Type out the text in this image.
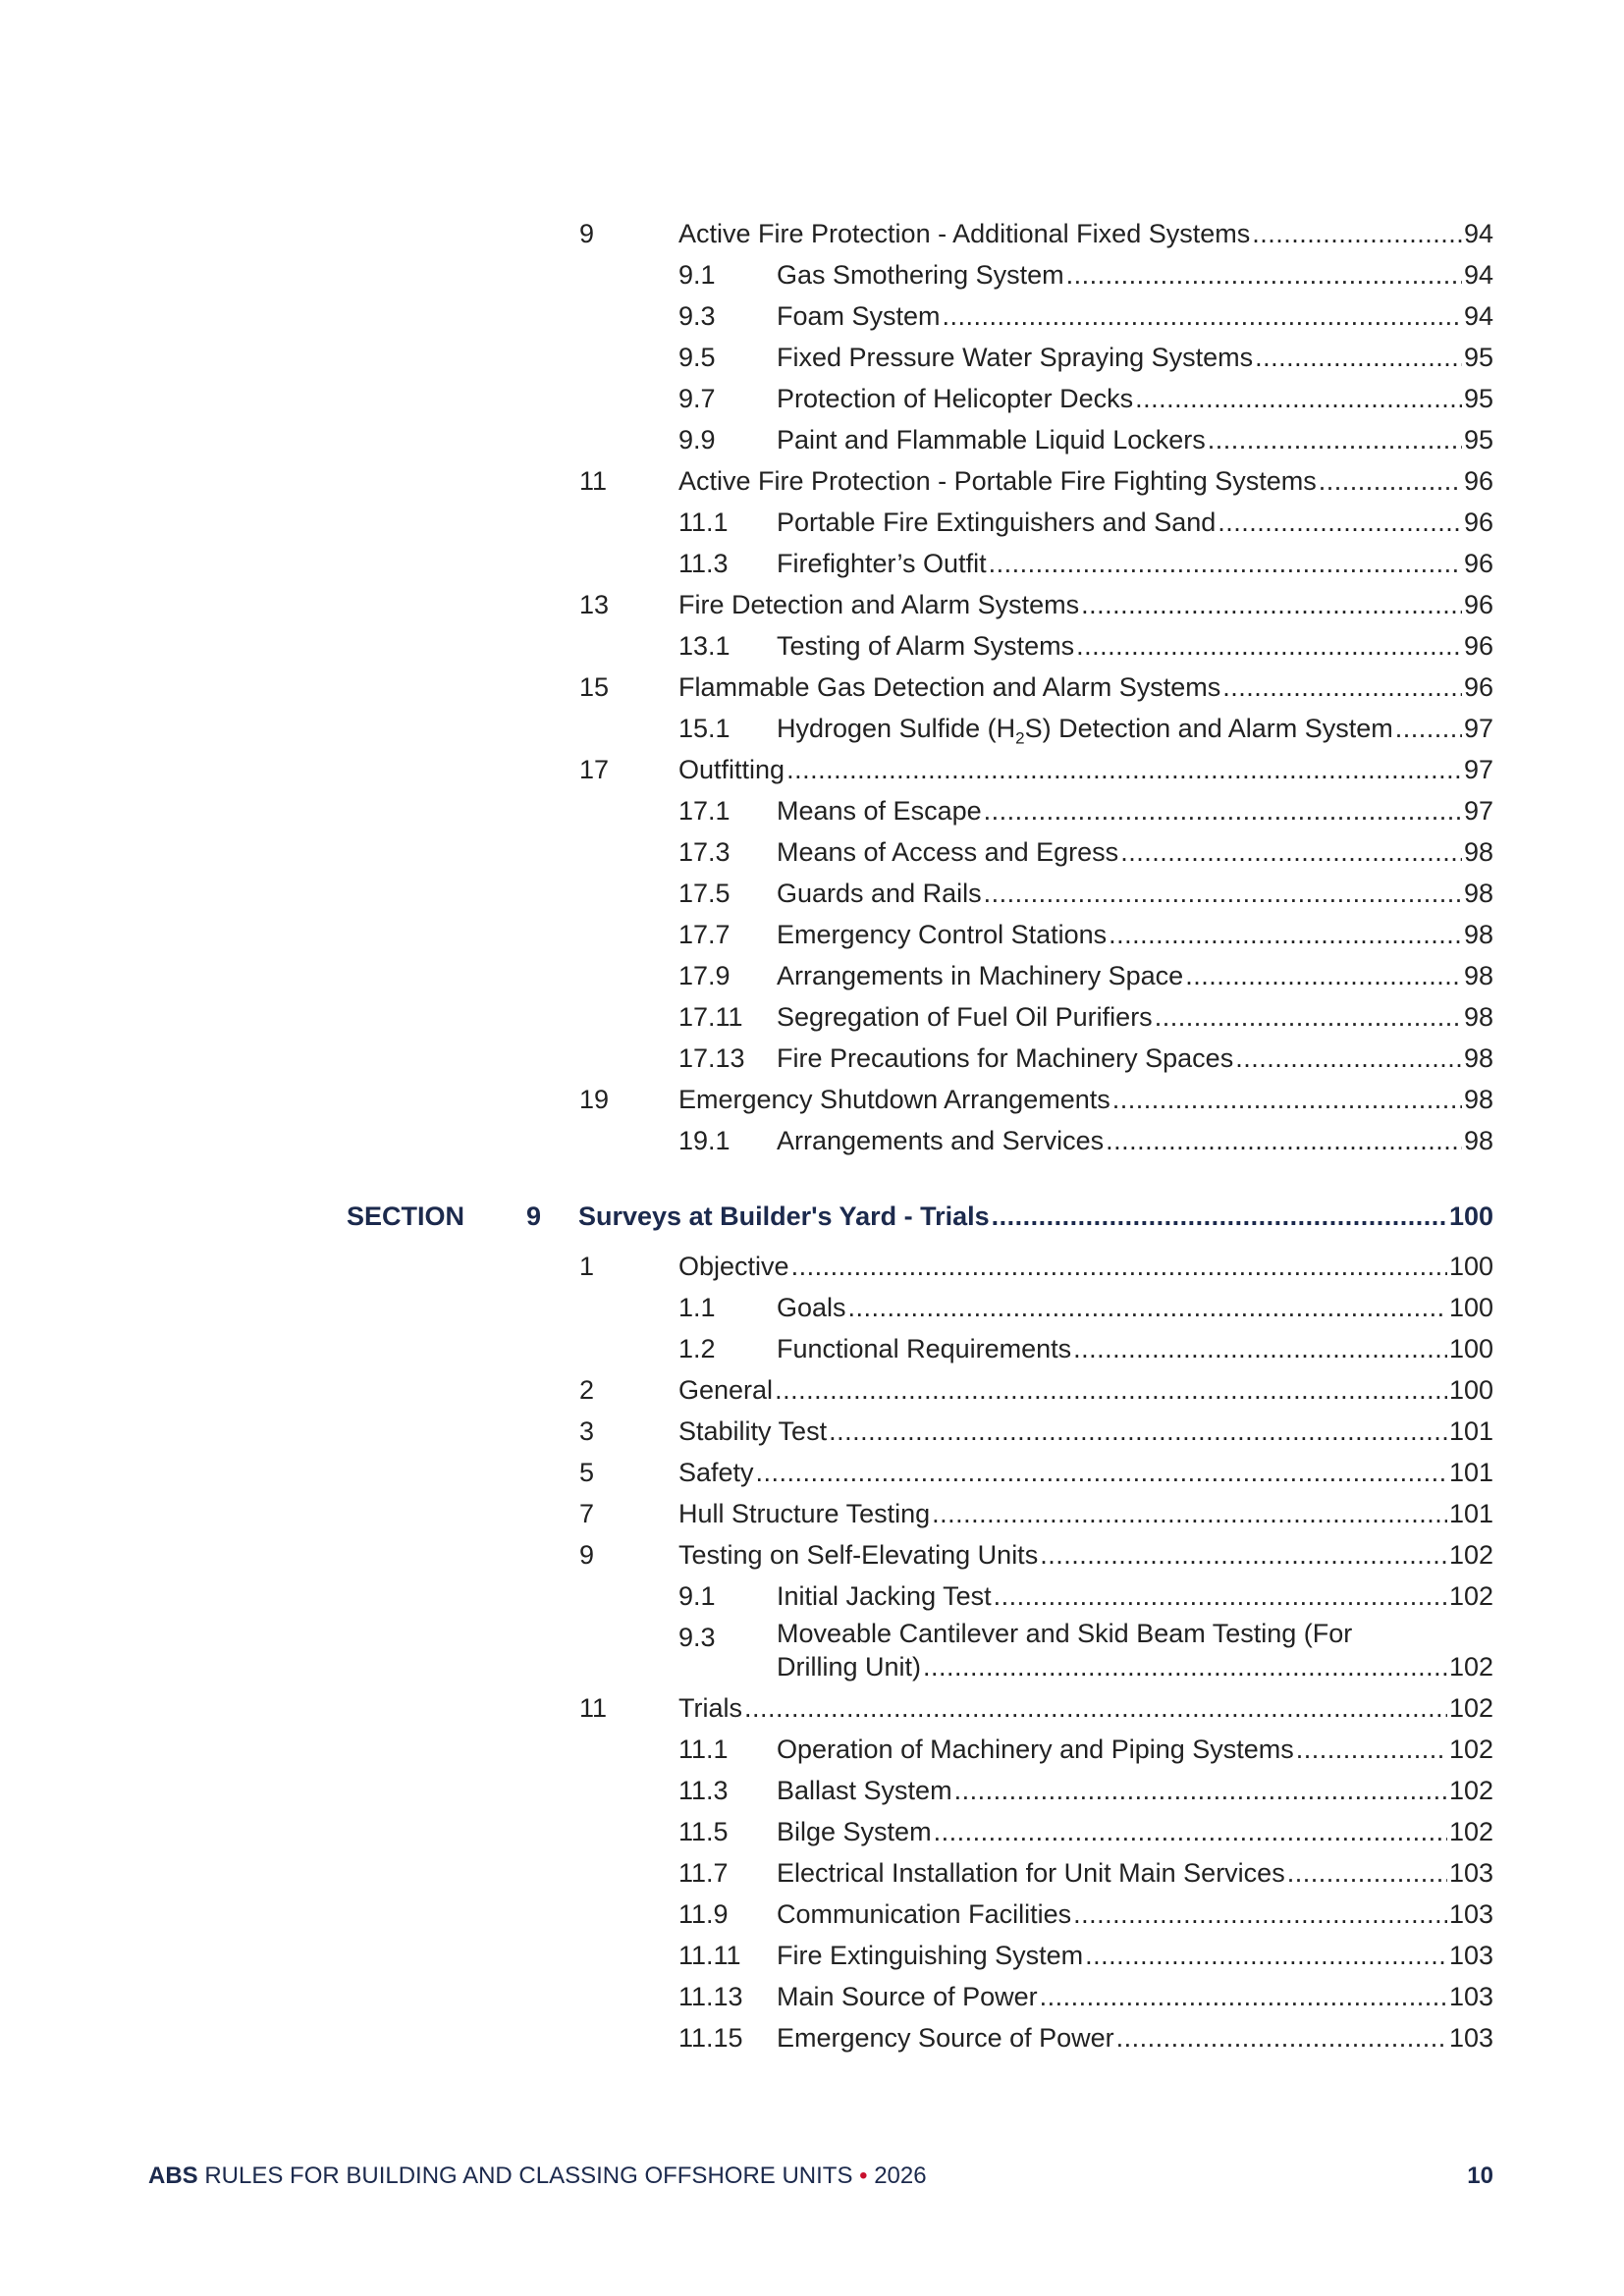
9	Active Fire Protection - Additional Fixed Systems .....	94
9.1 Gas Smothering System .....	94
9.3 Foam System .....	94
9.5 Fixed Pressure Water Spraying Systems .....	95
9.7 Protection of Helicopter Decks .....	95
9.9 Paint and Flammable Liquid Lockers .....	95
11	Active Fire Protection - Portable Fire Fighting Systems .....	96
11.1 Portable Fire Extinguishers and Sand .....	96
11.3 Firefighter’s Outfit .....	96
13	Fire Detection and Alarm Systems .....	96
13.1 Testing of Alarm Systems .....	96
15	Flammable Gas Detection and Alarm Systems .....	96
15.1 Hydrogen Sulfide $(H_2S)$ Detection and Alarm System .....	97
17	Outfitting .....	97
17.1 Means of Escape .....	97
17.3 Means of Access and Egress .....	98
17.5 Guards and Rails .....	98
17.7 Emergency Control Stations .....	98
17.9 Arrangements in Machinery Space .....	98
17.11 Segregation of Fuel Oil Purifiers .....	98
17.13 Fire Precautions for Machinery Spaces .....	98
19	Emergency Shutdown Arrangements .....	98
19.1 Arrangements and Services .....	98
SECTION 9 Surveys at Builder's Yard - Trials .....	100
1	Objective .....	100
1.1 Goals .....	100
1.2 Functional Requirements .....	100
2	General .....	100
3	Stability Test .....	101
5	Safety .....	101
7	Hull Structure Testing .....	101
9	Testing on Self-Elevating Units .....	102
9.1 Initial Jacking Test .....	102
9.3 Moveable Cantilever and Skid Beam Testing (For
Drilling Unit) .....	102
11	Trials .....	102
11.1 Operation of Machinery and Piping Systems .....	102
11.3 Ballast System .....	102
11.5 Bilge System .....	102
11.7 Electrical Installation for Unit Main Services .....	103
11.9 Communication Facilities .....	103
11.11 Fire Extinguishing System .....	103
11.13 Main Source of Power .....	103
11.15 Emergency Source of Power .....	103
ABS RULES FOR BUILDING AND CLASSING OFFSHORE UNITS • 2026	10
